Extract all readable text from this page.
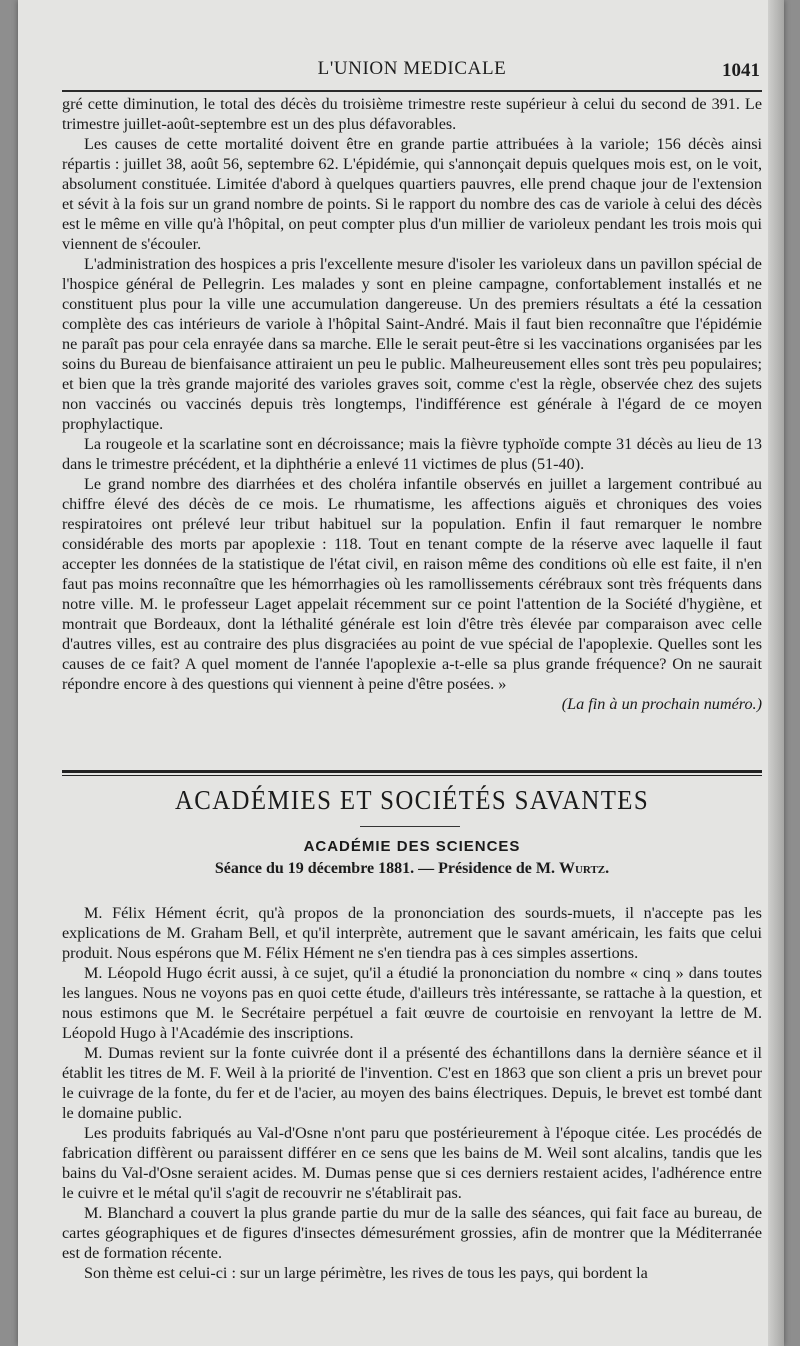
L'UNION MEDICALE	1041

gré cette diminution, le total des décès du troisième trimestre reste supérieur à celui du second de 391. Le trimestre juillet-août-septembre est un des plus défavorables.

Les causes de cette mortalité doivent être en grande partie attribuées à la variole; 156 décès ainsi répartis : juillet 38, août 56, septembre 62. L'épidémie, qui s'annonçait depuis quelques mois est, on le voit, absolument constituée. Limitée d'abord à quelques quartiers pauvres, elle prend chaque jour de l'extension et sévit à la fois sur un grand nombre de points. Si le rapport du nombre des cas de variole à celui des décès est le même en ville qu'à l'hôpital, on peut compter plus d'un millier de varioleux pendant les trois mois qui viennent de s'écouler.

L'administration des hospices a pris l'excellente mesure d'isoler les varioleux dans un pavillon spécial de l'hospice général de Pellegrin. Les malades y sont en pleine campagne, confortablement installés et ne constituent plus pour la ville une accumulation dangereuse. Un des premiers résultats a été la cessation complète des cas intérieurs de variole à l'hôpital Saint-André. Mais il faut bien reconnaître que l'épidémie ne paraît pas pour cela enrayée dans sa marche. Elle le serait peut-être si les vaccinations organisées par les soins du Bureau de bienfaisance attiraient un peu le public. Malheureusement elles sont très peu populaires; et bien que la très grande majorité des varioles graves soit, comme c'est la règle, observée chez des sujets non vaccinés ou vaccinés depuis très longtemps, l'indifférence est générale à l'égard de ce moyen prophylactique.

La rougeole et la scarlatine sont en décroissance; mais la fièvre typhoïde compte 31 décès au lieu de 13 dans le trimestre précédent, et la diphthérie a enlevé 11 victimes de plus (51-40).

Le grand nombre des diarrhées et des choléra infantile observés en juillet a largement contribué au chiffre élevé des décès de ce mois. Le rhumatisme, les affections aiguës et chroniques des voies respiratoires ont prélevé leur tribut habituel sur la population. Enfin il faut remarquer le nombre considérable des morts par apoplexie : 118. Tout en tenant compte de la réserve avec laquelle il faut accepter les données de la statistique de l'état civil, en raison même des conditions où elle est faite, il n'en faut pas moins reconnaître que les hémorrhagies où les ramollissements cérébraux sont très fréquents dans notre ville. M. le professeur Laget appelait récemment sur ce point l'attention de la Société d'hygiène, et montrait que Bordeaux, dont la léthalité générale est loin d'être très élevée par comparaison avec celle d'autres villes, est au contraire des plus disgraciées au point de vue spécial de l'apoplexie. Quelles sont les causes de ce fait? A quel moment de l'année l'apoplexie a-t-elle sa plus grande fréquence? On ne saurait répondre encore à des questions qui viennent à peine d'être posées. »

(La fin à un prochain numéro.)
ACADÉMIES ET SOCIÉTÉS SAVANTES
ACADÉMIE DES SCIENCES
Séance du 19 décembre 1881. — Présidence de M. Wurtz.

M. Félix Hément écrit, qu'à propos de la prononciation des sourds-muets, il n'accepte pas les explications de M. Graham Bell, et qu'il interprète, autrement que le savant américain, les faits que celui produit. Nous espérons que M. Félix Hément ne s'en tiendra pas à ces simples assertions.

M. Léopold Hugo écrit aussi, à ce sujet, qu'il a étudié la prononciation du nombre « cinq » dans toutes les langues. Nous ne voyons pas en quoi cette étude, d'ailleurs très intéressante, se rattache à la question, et nous estimons que M. le Secrétaire perpétuel a fait œuvre de courtoisie en renvoyant la lettre de M. Léopold Hugo à l'Académie des inscriptions.

M. Dumas revient sur la fonte cuivrée dont il a présenté des échantillons dans la dernière séance et il établit les titres de M. F. Weil à la priorité de l'invention. C'est en 1863 que son client a pris un brevet pour le cuivrage de la fonte, du fer et de l'acier, au moyen des bains électriques. Depuis, le brevet est tombé dant le domaine public.

Les produits fabriqués au Val-d'Osne n'ont paru que postérieurement à l'époque citée. Les procédés de fabrication diffèrent ou paraissent différer en ce sens que les bains de M. Weil sont alcalins, tandis que les bains du Val-d'Osne seraient acides. M. Dumas pense que si ces derniers restaient acides, l'adhérence entre le cuivre et le métal qu'il s'agit de recouvrir ne s'établirait pas.

M. Blanchard a couvert la plus grande partie du mur de la salle des séances, qui fait face au bureau, de cartes géographiques et de figures d'insectes démesurément grossies, afin de montrer que la Méditerranée est de formation récente.

Son thème est celui-ci : sur un large périmètre, les rives de tous les pays, qui bordent la
